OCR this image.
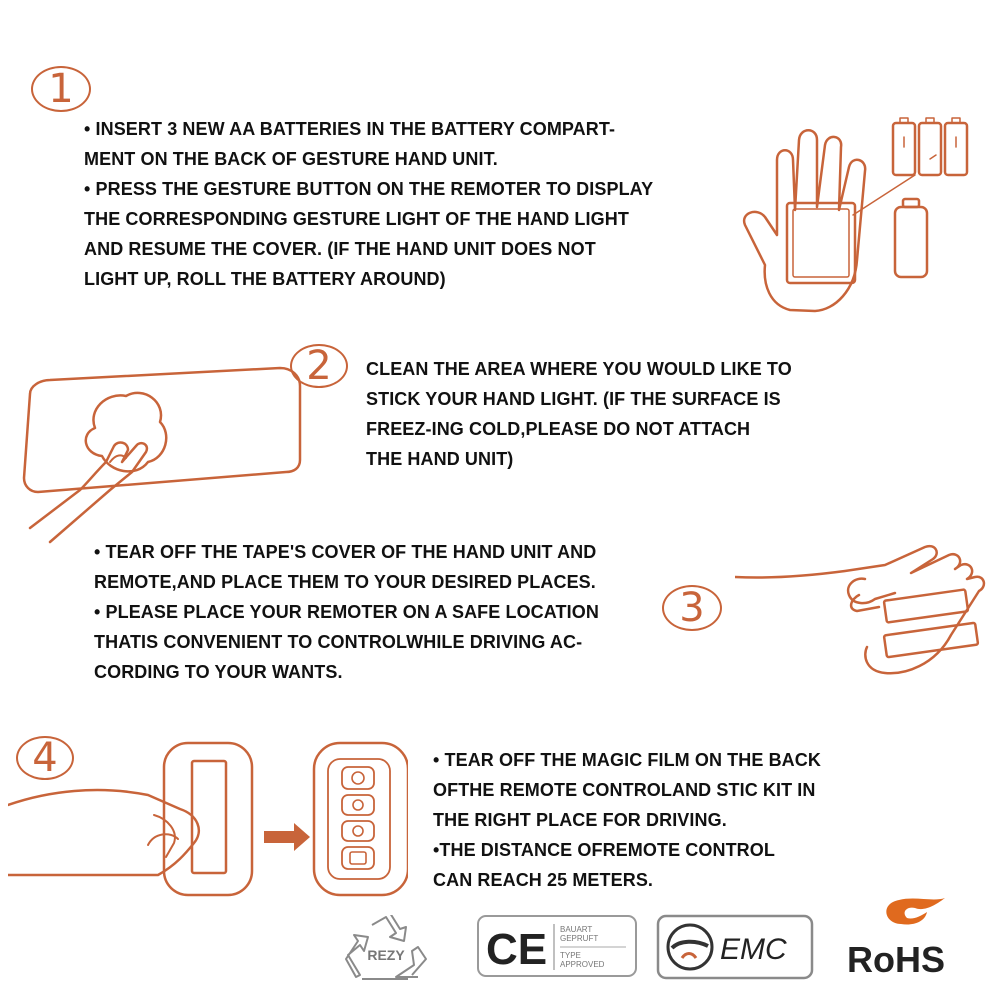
1

• INSERT 3 NEW AA BATTERIES IN THE BATTERY COMPART-
MENT ON THE BACK OF GESTURE HAND UNIT.
• PRESS THE GESTURE BUTTON ON THE REMOTER TO DISPLAY
THE CORRESPONDING GESTURE LIGHT OF THE HAND LIGHT
AND RESUME THE COVER. (IF THE HAND UNIT DOES NOT
LIGHT UP, ROLL THE BATTERY AROUND)

2 CLEAN THE AREA WHERE YOU WOULD LIKE TO
STICK YOUR HAND LIGHT. (IF THE SURFACE IS
FREEZ-ING COLD,PLEASE DO NOT ATTACH
THE HAND UNIT)

• TEAR OFF THE TAPE'S COVER OF THE HAND UNIT AND
REMOTE,AND PLACE THEM TO YOUR DESIRED PLACES.
• PLEASE PLACE YOUR REMOTER ON A SAFE LOCATION
THATIS CONVENIENT TO CONTROLWHILE DRIVING AC-
CORDING TO YOUR WANTS.

3
4	• TEAR OFF THE MAGIC FILM ON THE BACK
OFTHE REMOTE CONTROLAND STIC KIT IN
THE RIGHT PLACE FOR DRIVING.
•THE DISTANCE OFREMOTE CONTROL
CAN REACH 25 METERS.

REZY CE BAUART
GEPRUFT
TYPE
APPROVED	EMC RoHS
